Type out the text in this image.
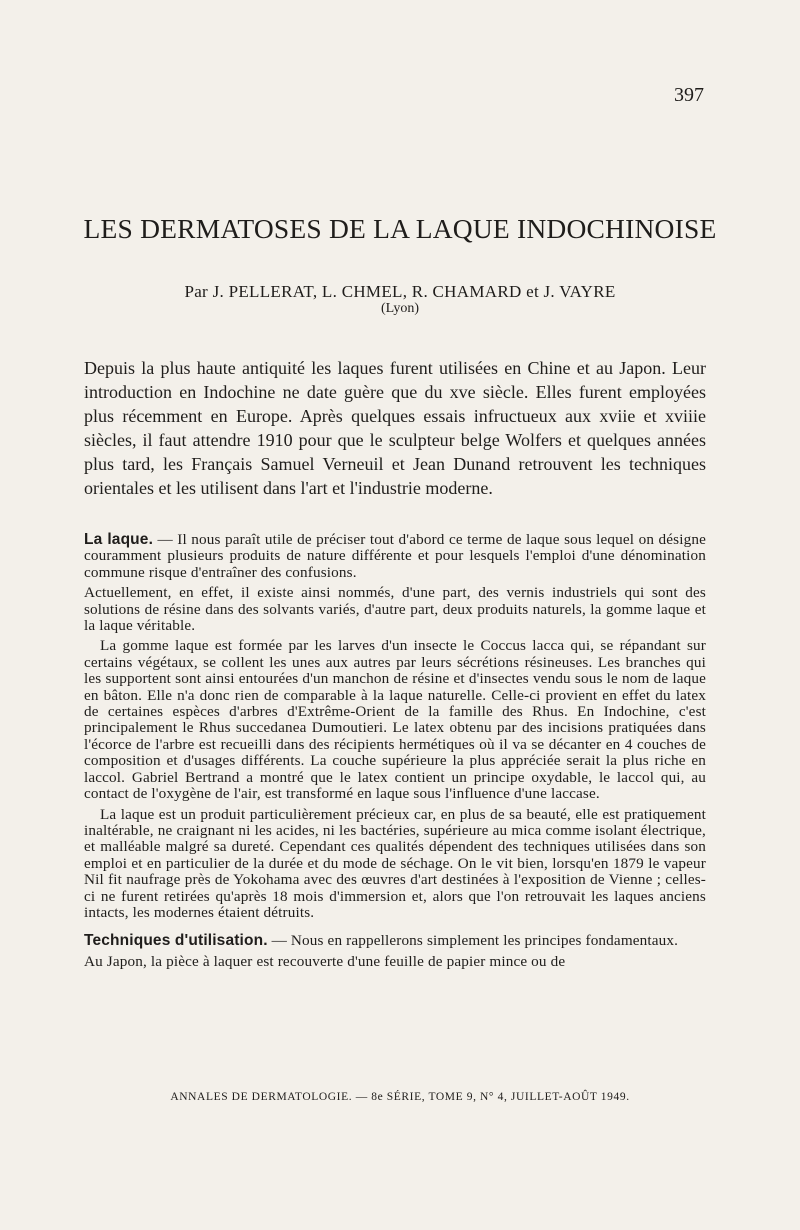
397
LES DERMATOSES DE LA LAQUE INDOCHINOISE
Par J. PELLERAT, L. CHMEL, R. CHAMARD et J. VAYRE
(Lyon)

Depuis la plus haute antiquité les laques furent utilisées en Chine et au Japon. Leur introduction en Indochine ne date guère que du xve siècle. Elles furent employées plus récemment en Europe. Après quelques essais infructueux aux xviie et xviiie siècles, il faut attendre 1910 pour que le sculpteur belge Wolfers et quelques années plus tard, les Français Samuel Verneuil et Jean Dunand retrouvent les techniques orientales et les utilisent dans l'art et l'industrie moderne.

La laque. — Il nous paraît utile de préciser tout d'abord ce terme de laque sous lequel on désigne couramment plusieurs produits de nature différente et pour lesquels l'emploi d'une dénomination commune risque d'entraîner des confusions.

Actuellement, en effet, il existe ainsi nommés, d'une part, des vernis industriels qui sont des solutions de résine dans des solvants variés, d'autre part, deux produits naturels, la gomme laque et la laque véritable.

La gomme laque est formée par les larves d'un insecte le Coccus lacca qui, se répandant sur certains végétaux, se collent les unes aux autres par leurs sécrétions résineuses. Les branches qui les supportent sont ainsi entourées d'un manchon de résine et d'insectes vendu sous le nom de laque en bâton. Elle n'a donc rien de comparable à la laque naturelle. Celle-ci provient en effet du latex de certaines espèces d'arbres d'Extrême-Orient de la famille des Rhus. En Indochine, c'est principalement le Rhus succedanea Dumoutieri. Le latex obtenu par des incisions pratiquées dans l'écorce de l'arbre est recueilli dans des récipients hermétiques où il va se décanter en 4 couches de composition et d'usages différents. La couche supérieure la plus appréciée serait la plus riche en laccol. Gabriel Bertrand a montré que le latex contient un principe oxydable, le laccol qui, au contact de l'oxygène de l'air, est transformé en laque sous l'influence d'une laccase.

La laque est un produit particulièrement précieux car, en plus de sa beauté, elle est pratiquement inaltérable, ne craignant ni les acides, ni les bactéries, supérieure au mica comme isolant électrique, et malléable malgré sa dureté. Cependant ces qualités dépendent des techniques utilisées dans son emploi et en particulier de la durée et du mode de séchage. On le vit bien, lorsqu'en 1879 le vapeur Nil fit naufrage près de Yokohama avec des œuvres d'art destinées à l'exposition de Vienne ; celles-ci ne furent retirées qu'après 18 mois d'immersion et, alors que l'on retrouvait les laques anciens intacts, les modernes étaient détruits.

Techniques d'utilisation. — Nous en rappellerons simplement les principes fondamentaux.

Au Japon, la pièce à laquer est recouverte d'une feuille de papier mince ou de

ANNALES DE DERMATOLOGIE. — 8e SÉRIE, TOME 9, N° 4, JUILLET-AOÛT 1949.
